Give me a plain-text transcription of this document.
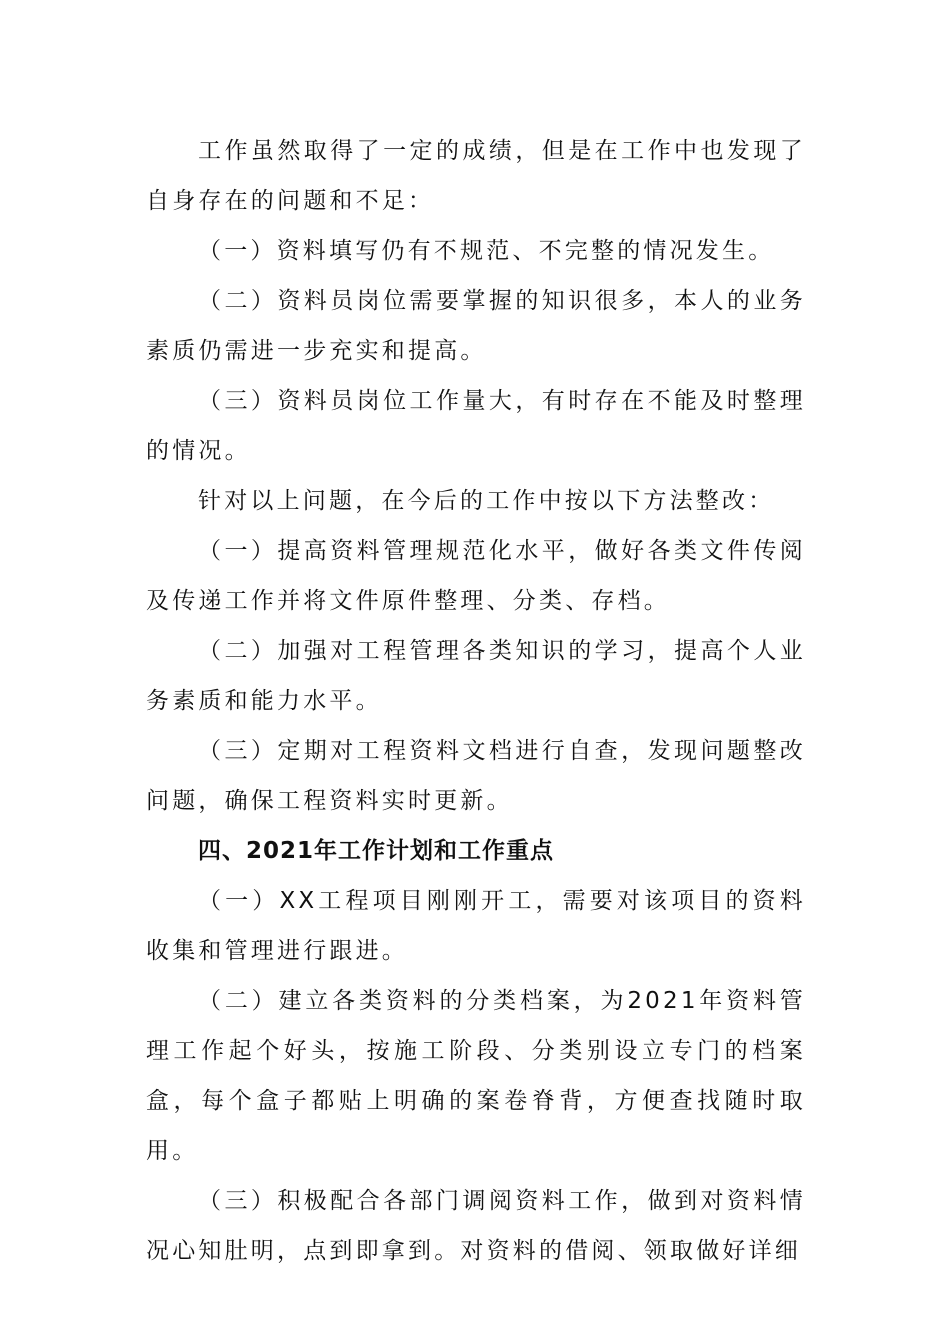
工作虽然取得了一定的成绩，但是在工作中也发现了自身存在的问题和不足：

（一）资料填写仍有不规范、不完整的情况发生。

（二）资料员岗位需要掌握的知识很多，本人的业务素质仍需进一步充实和提高。

（三）资料员岗位工作量大，有时存在不能及时整理的情况。

针对以上问题，在今后的工作中按以下方法整改：

（一）提高资料管理规范化水平，做好各类文件传阅及传递工作并将文件原件整理、分类、存档。

（二）加强对工程管理各类知识的学习，提高个人业务素质和能力水平。

（三）定期对工程资料文档进行自查，发现问题整改问题，确保工程资料实时更新。

四、2021年工作计划和工作重点

（一）XX工程项目刚刚开工，需要对该项目的资料收集和管理进行跟进。

（二）建立各类资料的分类档案，为2021年资料管理工作起个好头，按施工阶段、分类别设立专门的档案盒，每个盒子都贴上明确的案卷脊背，方便查找随时取用。

（三）积极配合各部门调阅资料工作，做到对资料情况心知肚明，点到即拿到。对资料的借阅、领取做好详细
